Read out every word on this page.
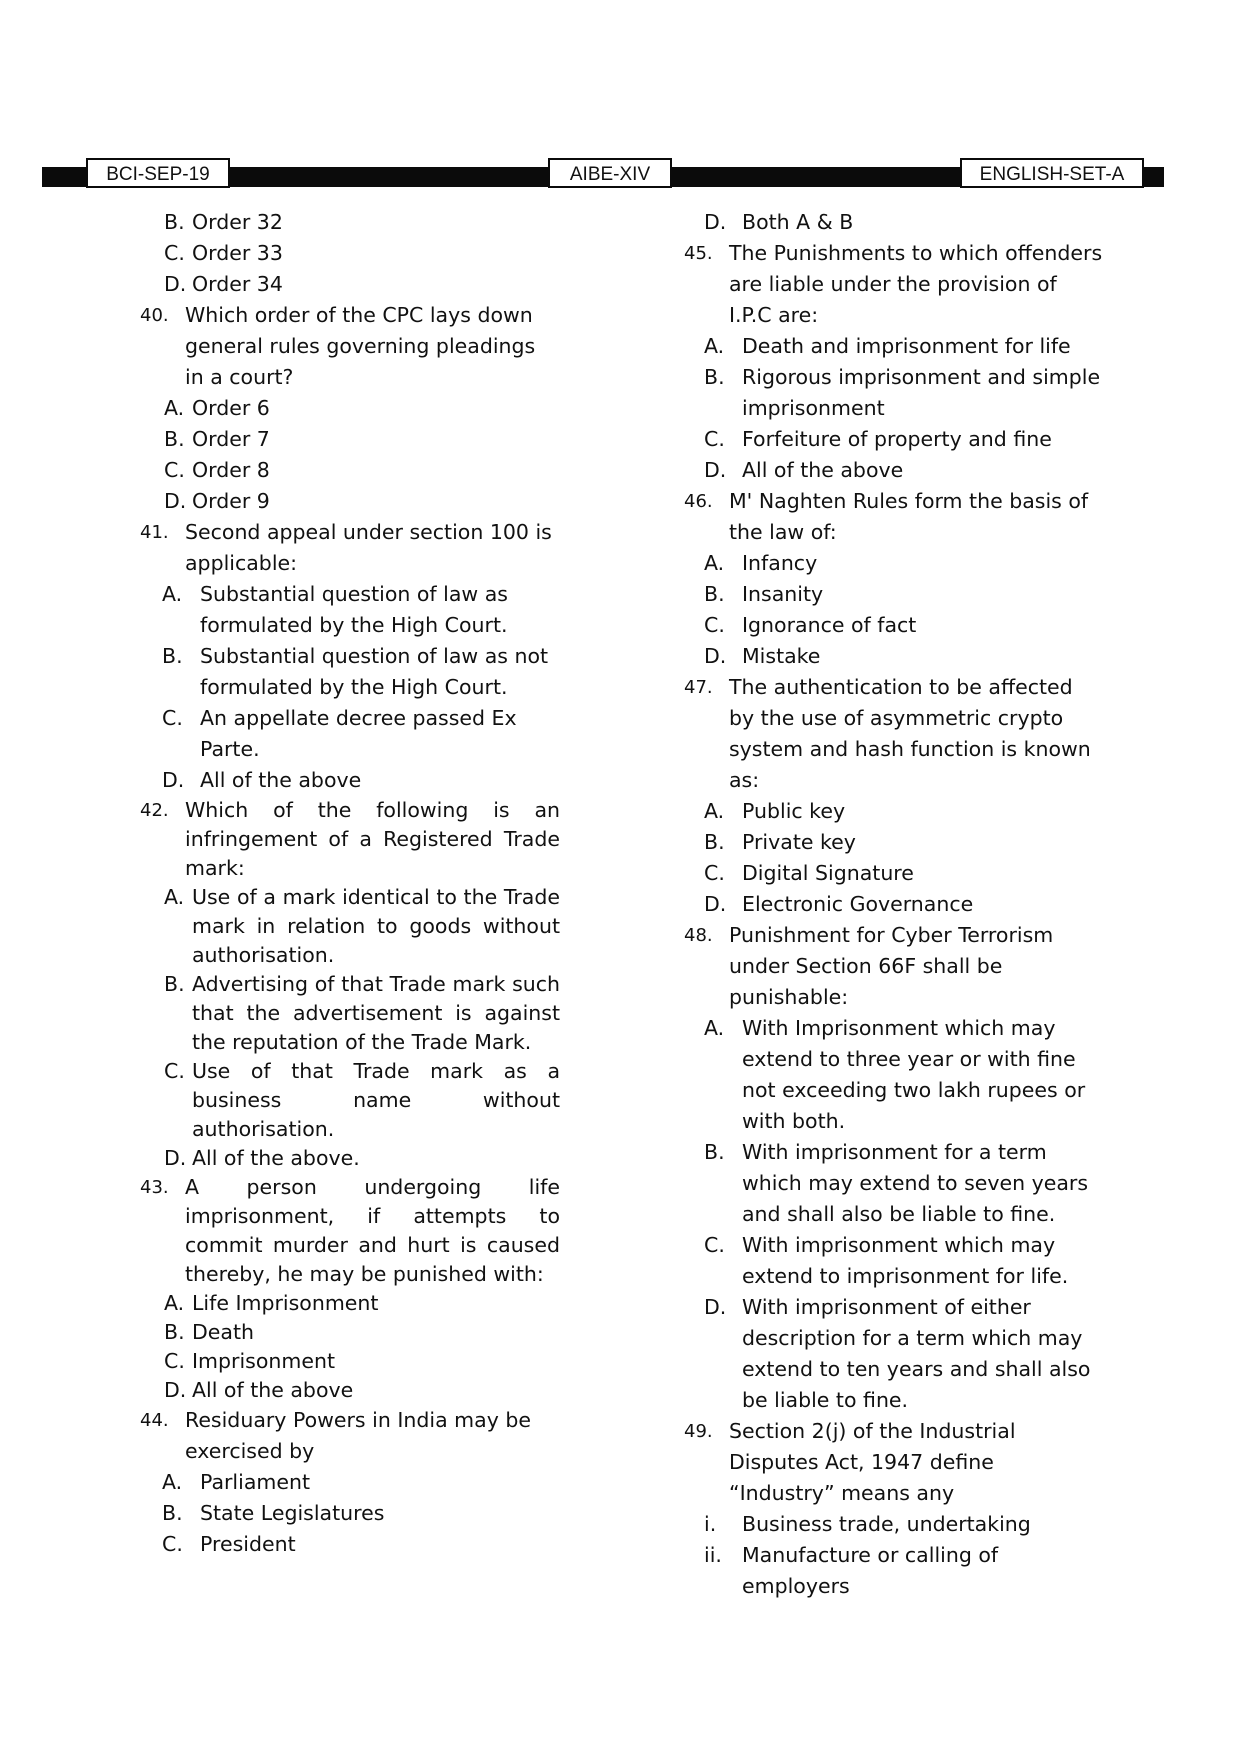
BCI-SEP-19	AIBE-XIV	ENGLISH-SET-A
B. Order 32
C. Order 33
D. Order 34
40. Which order of the CPC lays down general rules governing pleadings in a court?
A. Order 6
B. Order 7
C. Order 8
D. Order 9
41. Second appeal under section 100 is applicable:
A. Substantial question of law as formulated by the High Court.
B. Substantial question of law as not formulated by the High Court.
C. An appellate decree passed Ex Parte.
D. All of the above
42. Which of the following is an infringement of a Registered Trade mark:
A. Use of a mark identical to the Trade mark in relation to goods without authorisation.
B. Advertising of that Trade mark such that the advertisement is against the reputation of the Trade Mark.
C. Use of that Trade mark as a business name without authorisation.
D. All of the above.
43. A person undergoing life imprisonment, if attempts to commit murder and hurt is caused thereby, he may be punished with:
A. Life Imprisonment
B. Death
C. Imprisonment
D. All of the above
44. Residuary Powers in India may be exercised by
A. Parliament
B. State Legislatures
C. President
D. Both A & B
45. The Punishments to which offenders are liable under the provision of I.P.C are:
A. Death and imprisonment for life
B. Rigorous imprisonment and simple imprisonment
C. Forfeiture of property and fine
D. All of the above
46. M' Naghten Rules form the basis of the law of:
A. Infancy
B. Insanity
C. Ignorance of fact
D. Mistake
47. The authentication to be affected by the use of asymmetric crypto system and hash function is known as:
A. Public key
B. Private key
C. Digital Signature
D. Electronic Governance
48. Punishment for Cyber Terrorism under Section 66F shall be punishable:
A. With Imprisonment which may extend to three year or with fine not exceeding two lakh rupees or with both.
B. With imprisonment for a term which may extend to seven years and shall also be liable to fine.
C. With imprisonment which may extend to imprisonment for life.
D. With imprisonment of either description for a term which may extend to ten years and shall also be liable to fine.
49. Section 2(j) of the Industrial Disputes Act, 1947 define “Industry” means any
i. Business trade, undertaking
ii. Manufacture or calling of employers
